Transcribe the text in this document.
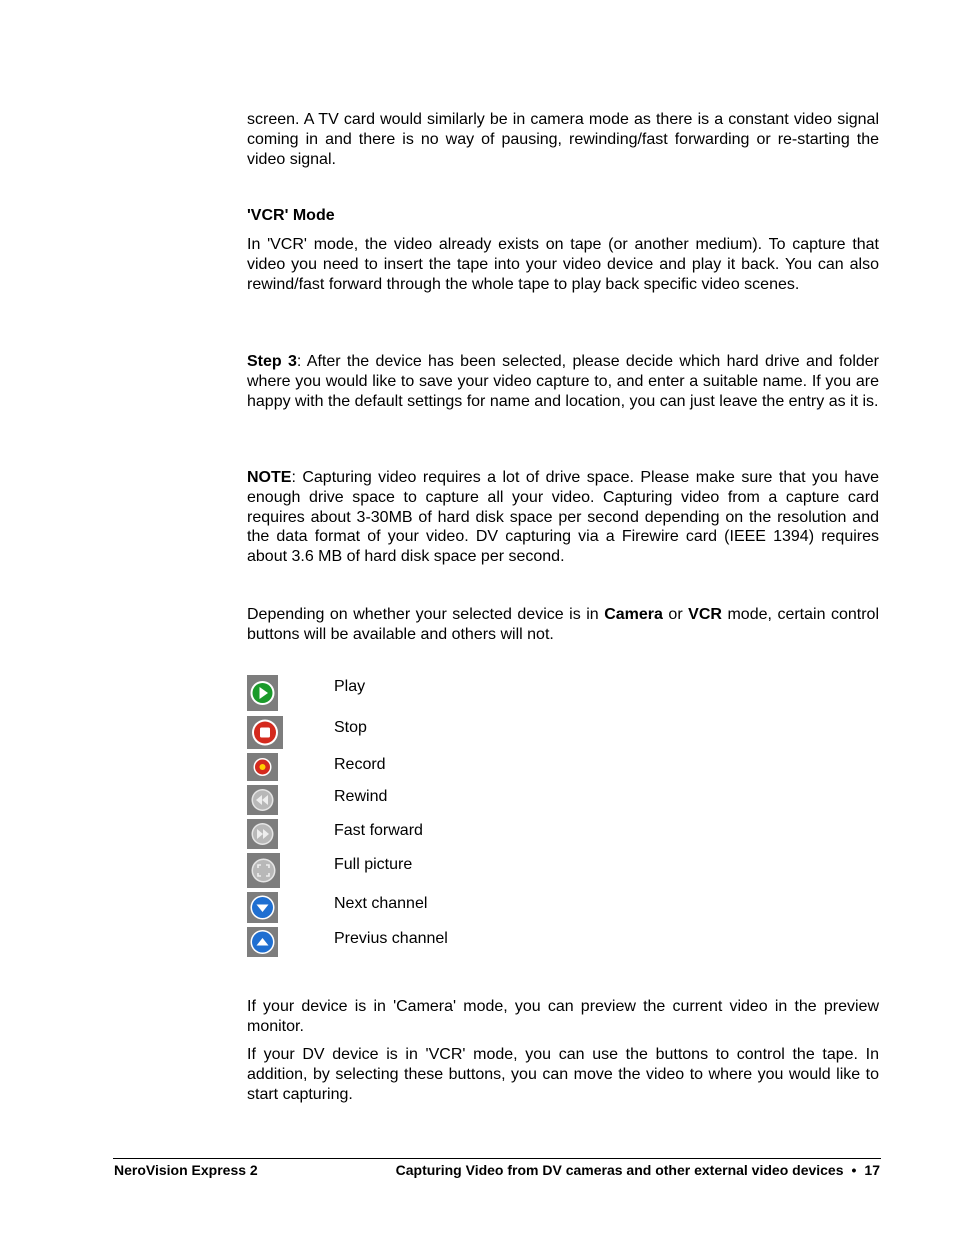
screen. A TV card would similarly be in camera mode as there is a constant video signal coming in and there is no way of pausing, rewinding/fast forwarding or re-starting the video signal.

'VCR' Mode

In 'VCR' mode, the video already exists on tape (or another medium). To capture that video you need to insert the tape into your video device and play it back. You can also rewind/fast forward through the whole tape to play back specific video scenes.

Step 3: After the device has been selected, please decide which hard drive and folder where you would like to save your video capture to, and enter a suitable name. If you are happy with the default settings for name and location, you can just leave the entry as it is.

NOTE: Capturing video requires a lot of drive space. Please make sure that you have enough drive space to capture all your video. Capturing video from a capture card requires about 3-30MB of hard disk space per second depending on the resolution and the data format of your video. DV capturing via a Firewire card (IEEE 1394) requires about 3.6 MB of hard disk space per second.

Depending on whether your selected device is in Camera or VCR mode, certain control buttons will be available and others will not.

Play
Stop
Record
Rewind
Fast forward
Full picture
Next channel
Previus channel

If your device is in 'Camera' mode, you can preview the current video in the preview monitor.

If your DV device is in 'VCR' mode, you can use the buttons to control the tape. In addition, by selecting these buttons, you can move the video to where you would like to start capturing.

NeroVision Express 2	Capturing Video from DV cameras and other external video devices • 17
